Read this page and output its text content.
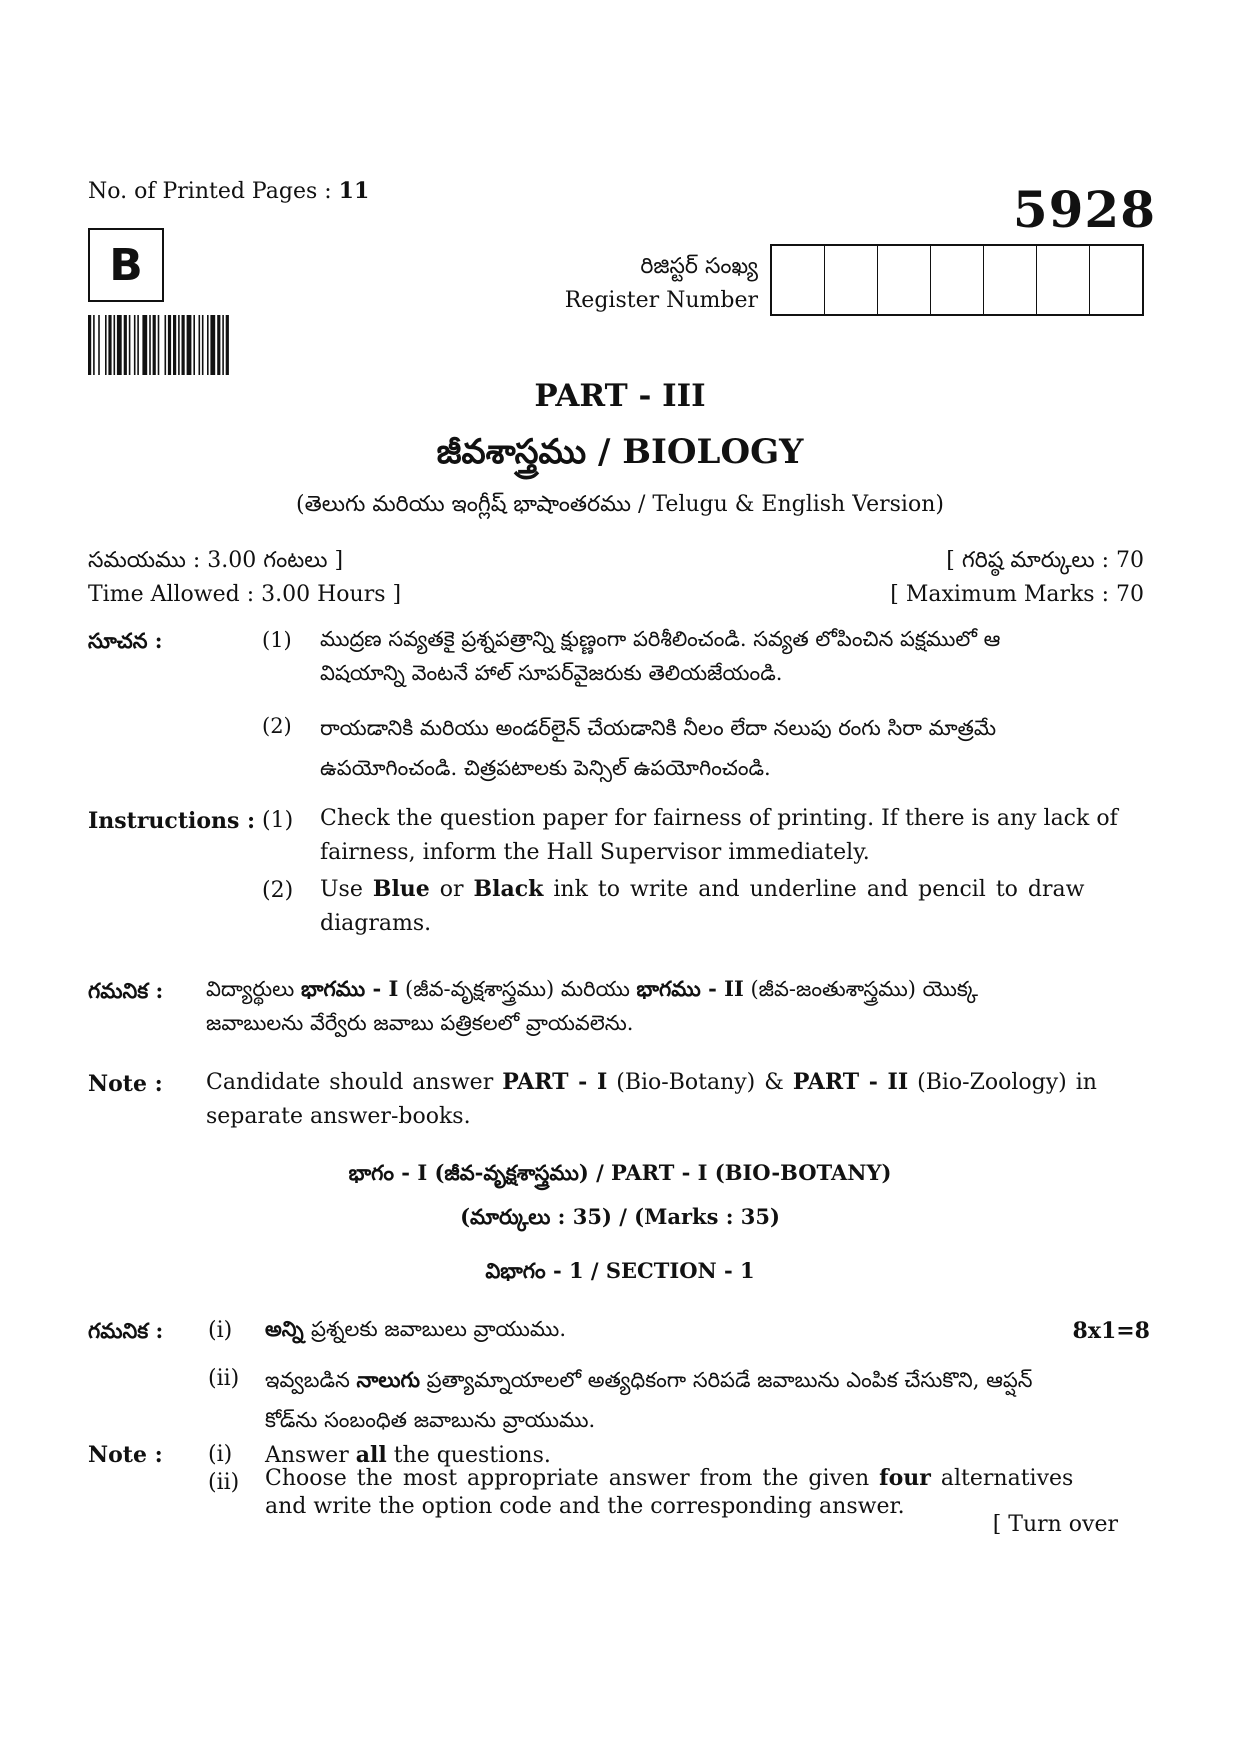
No. of Printed Pages : 11	5928
B	రిజిస్టర్ సంఖ్య
Register Number
PART - III
జీవశాస్త్రము / BIOLOGY
(తెలుగు మరియు ఇంగ్లీష్ భాషాంతరము / Telugu & English Version)
సమయము : 3.00 గంటలు ]
Time Allowed : 3.00 Hours ]
[ గరిష్ఠ మార్కులు : 70
[ Maximum Marks : 70
సూచన :	(1) ముద్రణ సవ్యతకై ప్రశ్నపత్రాన్ని క్షుణ్ణంగా పరిశీలించండి. సవ్యత లోపించిన పక్షములో ఆ
విషయాన్ని వెంటనే హాల్ సూపర్‌వైజరుకు తెలియజేయండి.
(2) రాయడానికి మరియు అండర్‌లైన్ చేయడానికి నీలం లేదా నలుపు రంగు సిరా మాత్రమే
ఉపయోగించండి. చిత్రపటాలకు పెన్సిల్ ఉపయోగించండి.
Instructions : (1) Check the question paper for fairness of printing. If there is any lack of
fairness, inform the Hall Supervisor immediately.
(2) Use Blue or Black ink to write and underline and pencil to draw
diagrams.
గమనిక : విద్యార్థులు భాగము - I (జీవ-వృక్షశాస్త్రము) మరియు భాగము - II (జీవ-జంతుశాస్త్రము) యొక్క
జవాబులను వేర్వేరు జవాబు పత్రికలలో వ్రాయవలెను.
Note : Candidate should answer PART - I (Bio-Botany) & PART - II (Bio-Zoology) in
separate answer-books.
భాగం - I (జీవ-వృక్షశాస్త్రము) / PART - I (BIO-BOTANY)
(మార్కులు : 35) / (Marks : 35)
విభాగం - 1 / SECTION - 1
గమనిక : (i) అన్ని ప్రశ్నలకు జవాబులు వ్రాయుము.	8x1=8
(ii) ఇవ్వబడిన నాలుగు ప్రత్యామ్నాయాలలో అత్యధికంగా సరిపడే జవాబును ఎంపిక చేసుకొని, ఆప్షన్
కోడ్‌ను సంబంధిత జవాబును వ్రాయుము.
Note : (i) Answer all the questions.
(ii) Choose the most appropriate answer from the given four alternatives
and write the option code and the corresponding answer.
[ Turn over
